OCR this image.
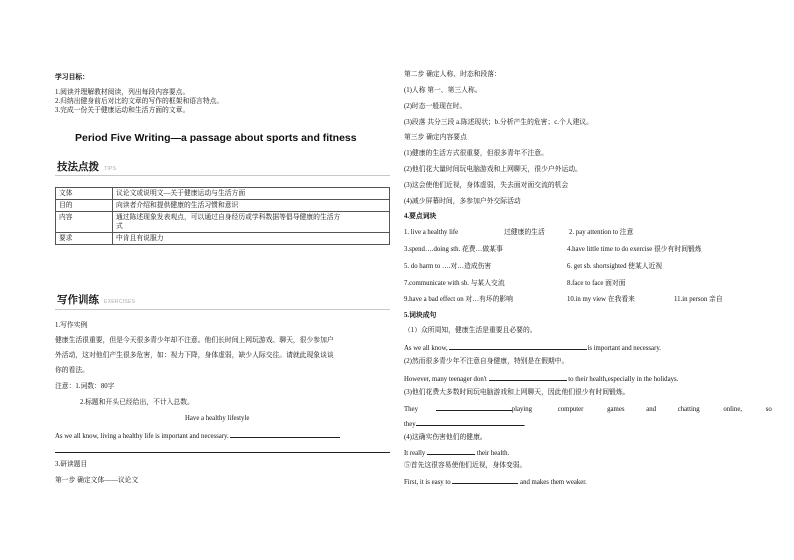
学习目标：
1.阅读并理解教材阅读，列出每段内容要点。
2.归纳出健身前后对比的文章的写作的框架和语言特点。
3.完成一份关于健康运动和生活方面的文章。
Period Five Writing—a passage about sports and fitness
技法点拨 TIPS
文体	议论文或说明文—关于健康运动与生活方面
目的	向读者介绍和提供健康的生活习惯和意识
内容	通过陈述现象发表观点，可以通过自身经历或学科数据等倡导健康的生活方
式
要求	中肯且有说服力
写作训练 EXERCISES
1.写作实例
健康生活很重要，但是今天很多青少年却不注意。他们长时间上网玩游戏、聊天，很少参加户
外活动，这对他们产生很多危害，如：视力下降，身体虚弱，缺少人际交往。请就此现象谈谈
你的看法。
注意：1.词数：80字
2.标题和开头已经给出，不计入总数。
Have a healthy lifestyle
As we all know, living a healthy life is important and necessary.
3.研读题目
第一步 确定文体——议论文
第二步 确定人称、时态和段落：
(1)人称 第一、第三人称。
(2)时态一般现在时。
(3)段落 共分三段 a.陈述现状；b.分析产生的危害；c.个人建议。
第三步 确定内容要点
(1)健康的生活方式很重要，但很多青年不注意。
(2)他们花大量时间玩电脑游戏和上网聊天，很少户外运动。
(3)这会使他们近视，身体虚弱，失去面对面交流的机会
(4)减少屏幕时间，多参加户外交际活动
4.要点词块
1. live a healthy life	过健康的生活	2. pay attention to 注意
3.spend….doing sth. 花费…做某事	4.have little time to do exercise 很少有时间锻炼
5. do harm to ….对…造成伤害	6. get sb. shortsighted 使某人近视
7.communicate with sb. 与某人交流	8.face to face 面对面
9.have a bad effect on 对…有坏的影响	10.in my view 在我看来	11.in person 亲自
5.词块成句
（1）众所周知，健康生活是重要且必要的。
As we all know,	is important and necessary.
(2)然而很多青少年不注意自身健康，特别是在假期中。
However, many teenager don't	to their health,especially in the holidays.
(3)他们花费大多数时间玩电脑游戏和上网聊天，因此他们很少有时间锻炼。
They	playing	computer	games	and	chatting	online,	so
they	.
(4)这确实伤害他们的健康。
It really	their health.
⑤首先这很容易使他们近视，身体变弱。
First, it is easy to	and makes them weaker.
